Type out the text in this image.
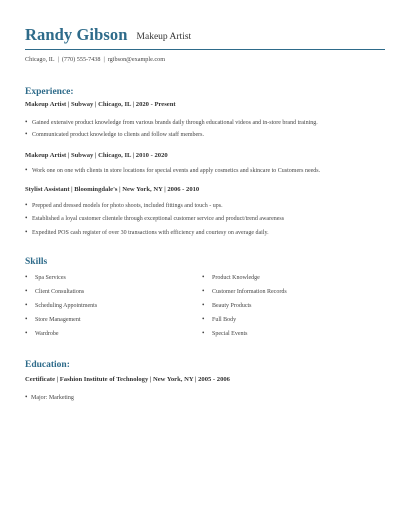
Randy Gibson Makeup Artist
Chicago, IL | (770) 555-7438 | rgibson@example.com
Experience:
Makeup Artist | Subway | Chicago, IL | 2020 - Present
• Gained extensive product knowledge from various brands daily through educational videos and in-store brand training.
• Communicated product knowledge to clients and follow staff members.
Makeup Artist | Subway | Chicago, IL | 2010 - 2020
• Work one on one with clients in store locations for special events and apply cosmetics and skincare to Customers needs.
Stylist Assistant | Bloomingdale's | New York, NY | 2006 - 2010
• Prepped and dressed models for photo shoots, included fittings and touch - ups.
• Established a loyal customer clientele through exceptional customer service and product/trend awareness
• Expedited POS cash register of over 30 transactions with efficiency and courtesy on average daily.
Skills
• Spa Services
• Client Consultations
• Scheduling Appointments
• Store Management
• Wardrobe
• Product Knowledge
• Customer Information Records
• Beauty Products
• Full Body
• Special Events
Education:
Certificate | Fashion Institute of Technology | New York, NY | 2005 - 2006
• Major: Marketing
